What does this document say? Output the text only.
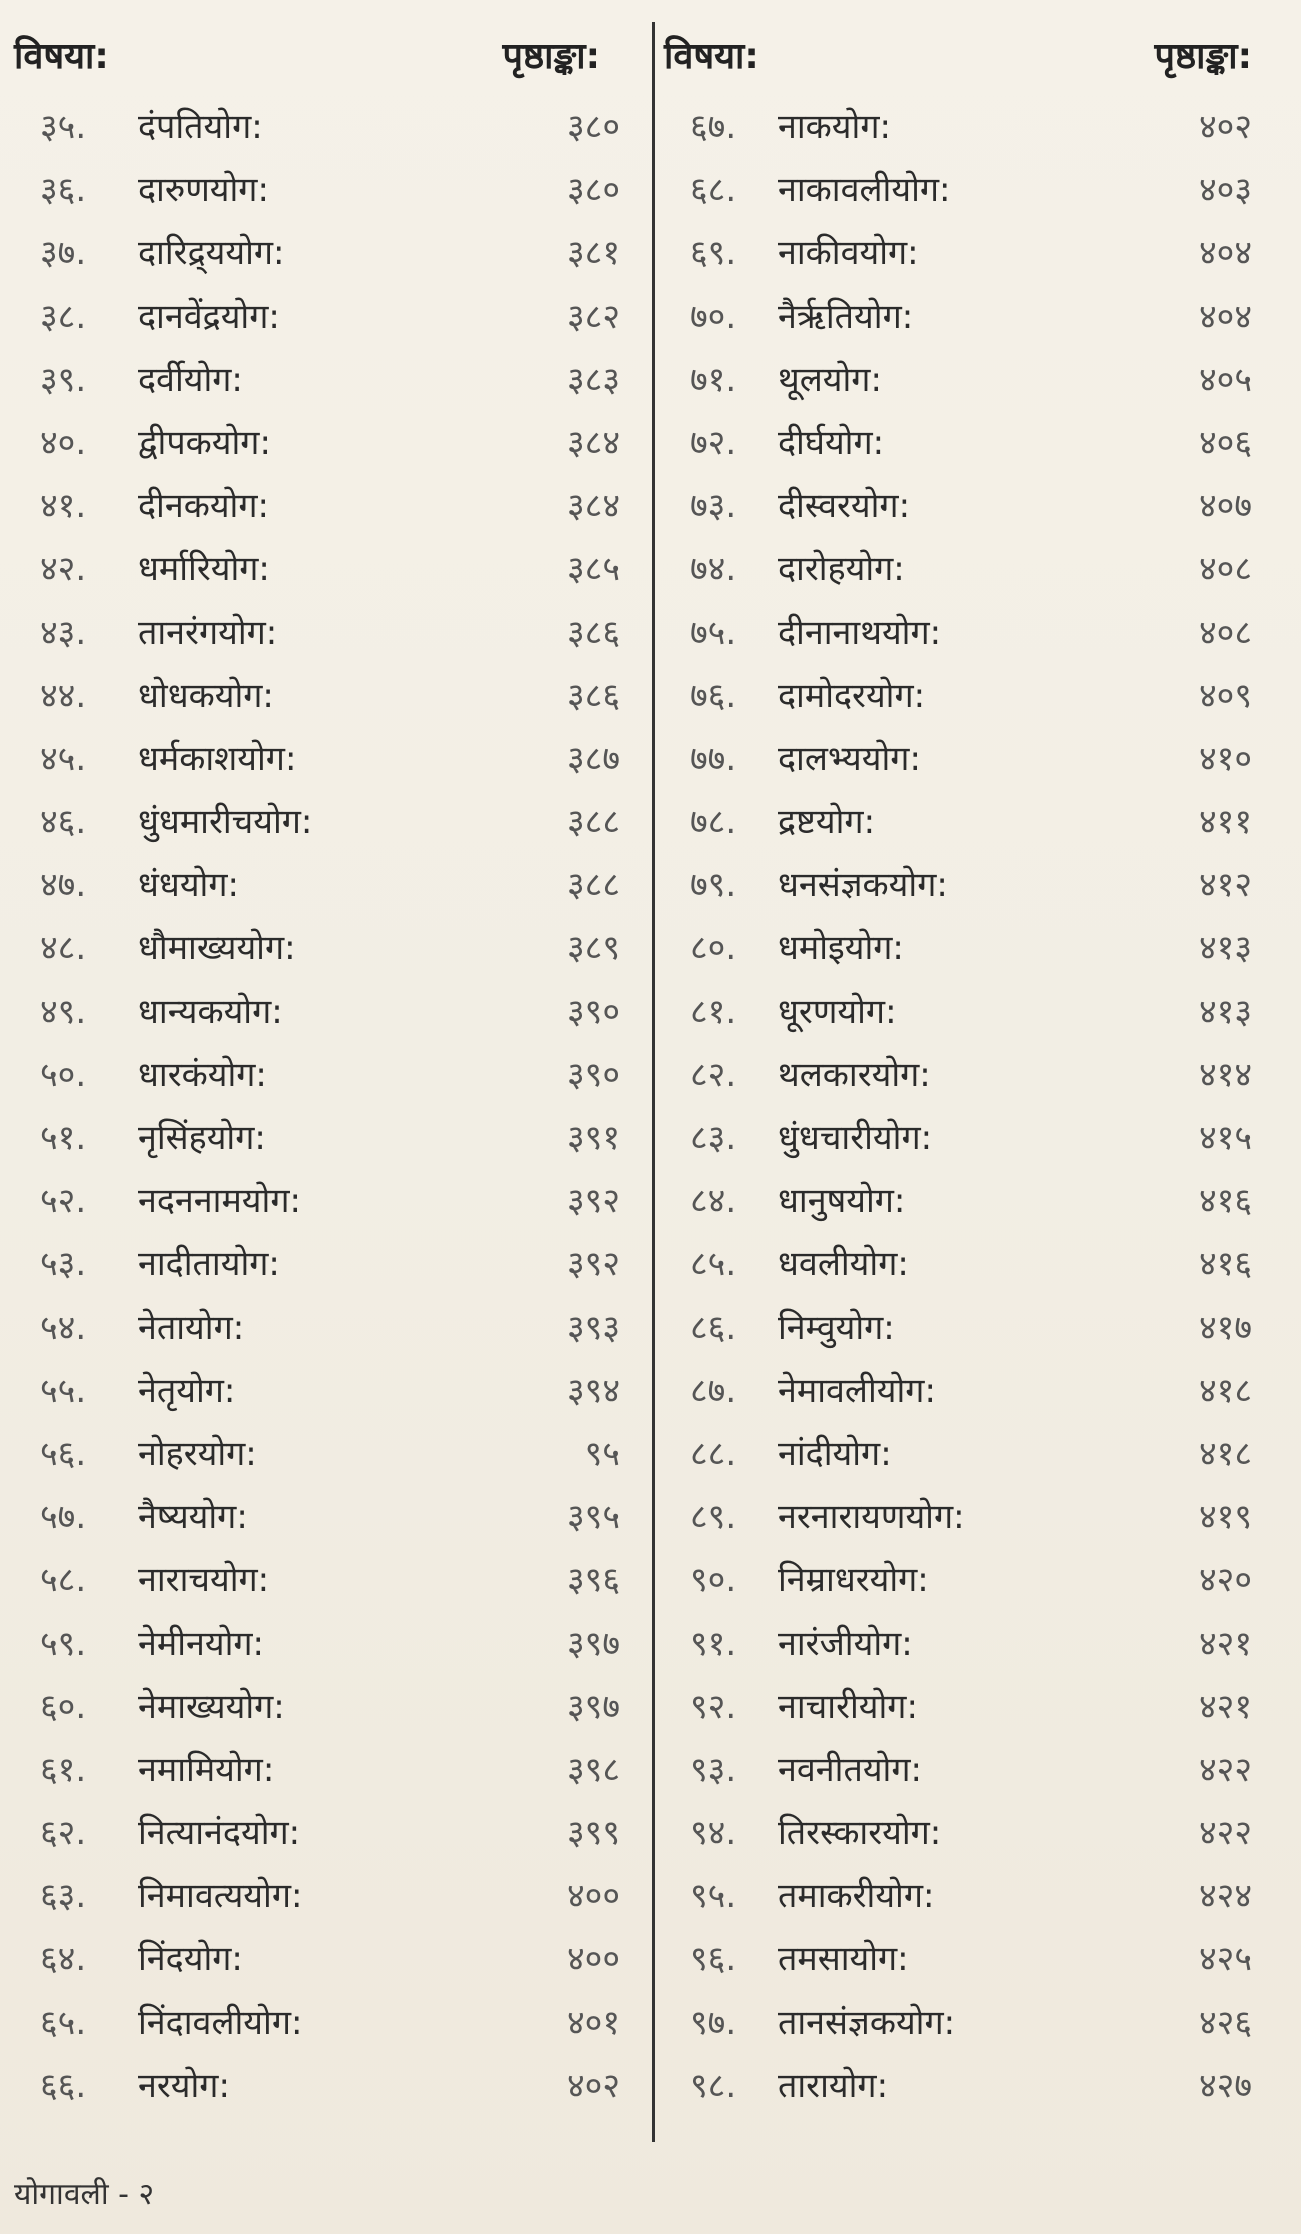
विषया:	पृष्ठाङ्का:
३५. दंपतियोग:	३८०
३६. दारुणयोग:	३८०
३७. दारिद्र्ययोग:	३८१
३८. दानवेंद्रयोग:	३८२
३९. दर्वीयोग:	३८३
४०. द्वीपकयोग:	३८४
४१. दीनकयोग:	३८४
४२. धर्मारियोग:	३८५
४३. तानरंगयोग:	३८६
४४. धोधकयोग:	३८६
४५. धर्मकाशयोग:	३८७
४६. धुंधमारीचयोग:	३८८
४७. धंधयोग:	३८८
४८. धौमाख्ययोग:	३८९
४९. धान्यकयोग:	३९०
५०. धारकंयोग:	३९०
५१. नृसिंहयोग:	३९१
५२. नदननामयोग:	३९२
५३. नादीतायोग:	३९२
५४. नेतायोग:	३९३
५५. नेतृयोग:	३९४
५६. नोहरयोग:	९५
५७. नैष्ययोग:	३९५
५८. नाराचयोग:	३९६
५९. नेमीनयोग:	३९७
६०. नेमाख्ययोग:	३९७
६१. नमामियोग:	३९८
६२. नित्यानंदयोग:	३९९
६३. निमावत्ययोग:	४००
६४. निंदयोग:	४००
६५. निंदावलीयोग:	४०१
६६. नरयोग:	४०२
विषया:	पृष्ठाङ्का:
६७. नाकयोग:	४०२
६८. नाकावलीयोग:	४०३
६९. नाकीवयोग:	४०४
७०. नैर्ऋतियोग:	४०४
७१. थूलयोग:	४०५
७२. दीर्घयोग:	४०६
७३. दीस्वरयोग:	४०७
७४. दारोहयोग:	४०८
७५. दीनानाथयोग:	४०८
७६. दामोदरयोग:	४०९
७७. दालभ्ययोग:	४१०
७८. द्रष्टयोग:	४११
७९. धनसंज्ञकयोग:	४१२
८०. धमोइयोग:	४१३
८१. धूरणयोग:	४१३
८२. थलकारयोग:	४१४
८३. धुंधचारीयोग:	४१५
८४. धानुषयोग:	४१६
८५. धवलीयोग:	४१६
८६. निम्वुयोग:	४१७
८७. नेमावलीयोग:	४१८
८८. नांदीयोग:	४१८
८९. नरनारायणयोग:	४१९
९०. निम्राधरयोग:	४२०
९१. नारंजीयोग:	४२१
९२. नाचारीयोग:	४२१
९३. नवनीतयोग:	४२२
९४. तिरस्कारयोग:	४२२
९५. तमाकरीयोग:	४२४
९६. तमसायोग:	४२५
९७. तानसंज्ञकयोग:	४२६
९८. तारायोग:	४२७
योगावली - २
